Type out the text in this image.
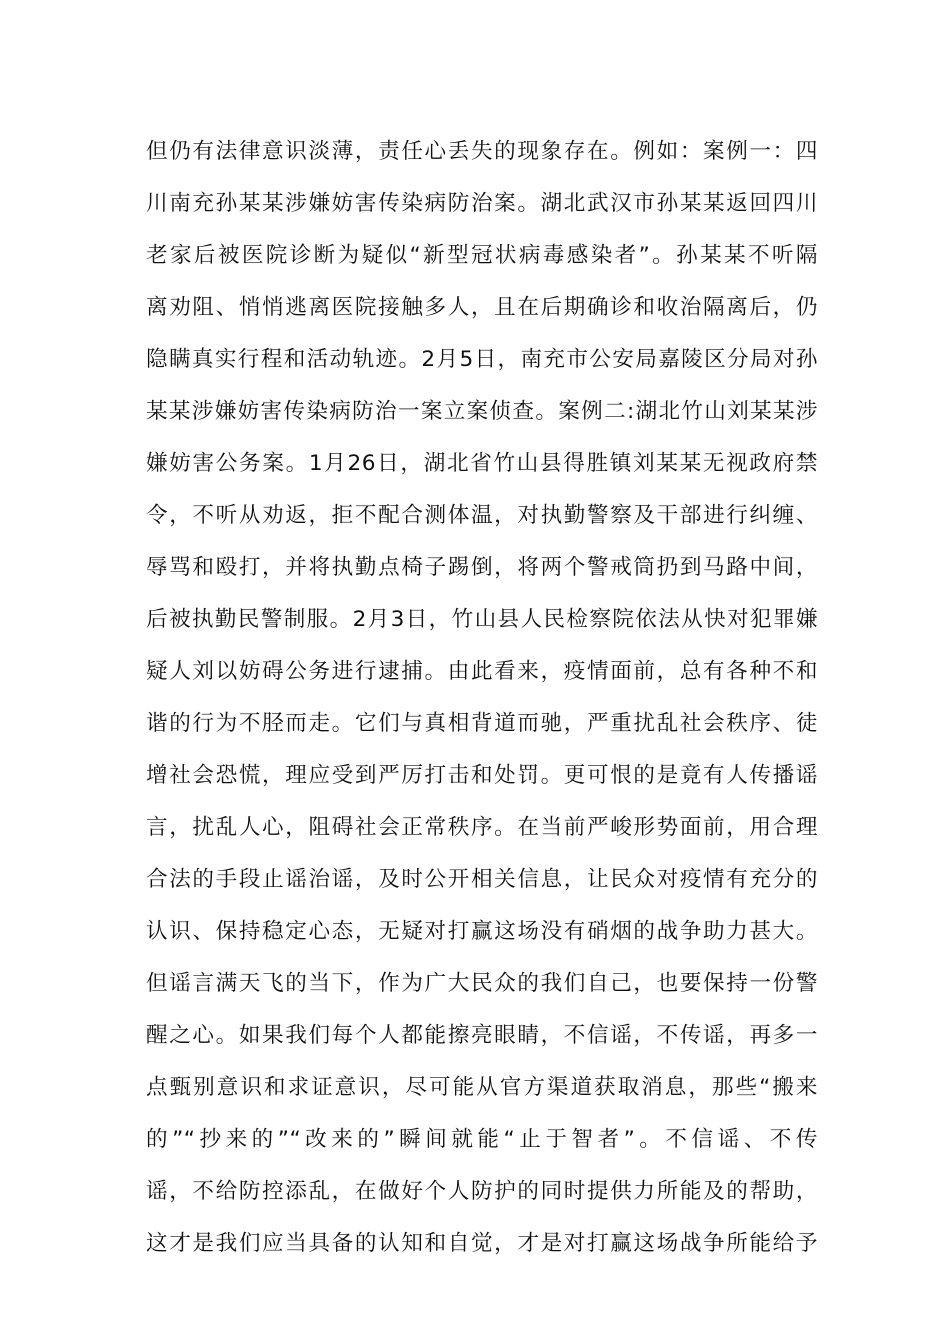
但仍有法律意识淡薄，责任心丢失的现象存在。例如：案例一：四
川南充孙某某涉嫌妨害传染病防治案。湖北武汉市孙某某返回四川
老家后被医院诊断为疑似“新型冠状病毒感染者”。孙某某不听隔
离劝阻、悄悄逃离医院接触多人，且在后期确诊和收治隔离后，仍
隐瞒真实行程和活动轨迹。2月5日，南充市公安局嘉陵区分局对孙
某某涉嫌妨害传染病防治一案立案侦查。案例二:湖北竹山刘某某涉
嫌妨害公务案。1月26日，湖北省竹山县得胜镇刘某某无视政府禁
令，不听从劝返，拒不配合测体温，对执勤警察及干部进行纠缠、
辱骂和殴打，并将执勤点椅子踢倒，将两个警戒筒扔到马路中间，
后被执勤民警制服。2月3日，竹山县人民检察院依法从快对犯罪嫌
疑人刘以妨碍公务进行逮捕。由此看来，疫情面前，总有各种不和
谐的行为不胫而走。它们与真相背道而驰，严重扰乱社会秩序、徒
增社会恐慌，理应受到严厉打击和处罚。更可恨的是竟有人传播谣
言，扰乱人心，阻碍社会正常秩序。在当前严峻形势面前，用合理
合法的手段止谣治谣，及时公开相关信息，让民众对疫情有充分的
认识、保持稳定心态，无疑对打赢这场没有硝烟的战争助力甚大。
但谣言满天飞的当下，作为广大民众的我们自己，也要保持一份警
醒之心。如果我们每个人都能擦亮眼睛，不信谣，不传谣，再多一
点甄别意识和求证意识，尽可能从官方渠道获取消息，那些“搬来
的”“抄来的”“改来的”瞬间就能“止于智者”。不信谣、不传
谣，不给防控添乱，在做好个人防护的同时提供力所能及的帮助，
这才是我们应当具备的认知和自觉，才是对打赢这场战争所能给予
